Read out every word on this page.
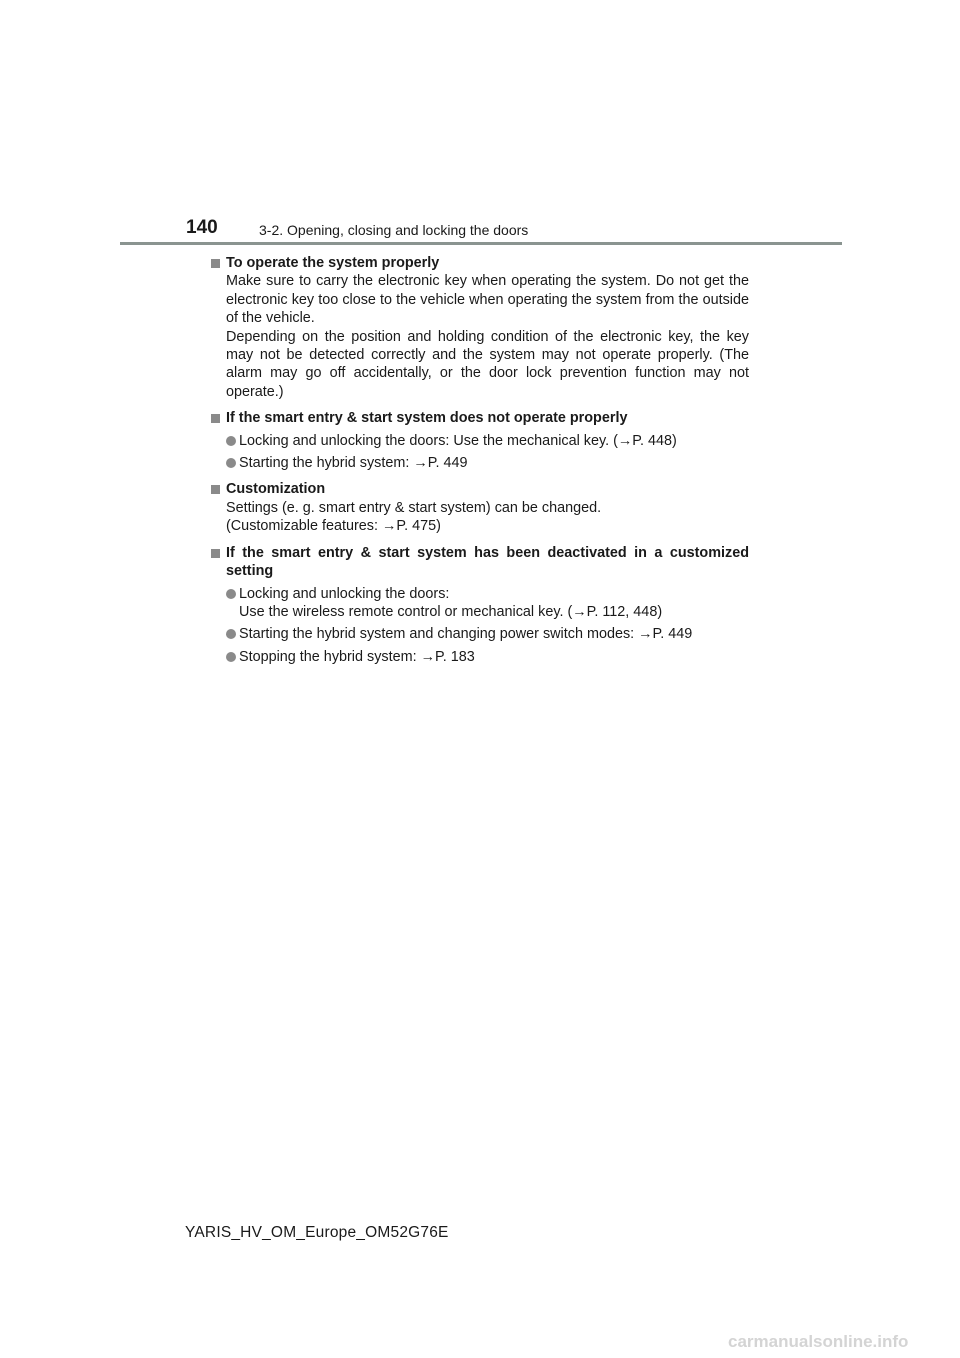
140	3-2. Opening, closing and locking the doors
To operate the system properly
Make sure to carry the electronic key when operating the system. Do not get the electronic key too close to the vehicle when operating the system from the outside of the vehicle.
Depending on the position and holding condition of the electronic key, the key may not be detected correctly and the system may not operate properly. (The alarm may go off accidentally, or the door lock prevention function may not operate.)
If the smart entry & start system does not operate properly
Locking and unlocking the doors: Use the mechanical key. (→P. 448)
Starting the hybrid system: →P. 449
Customization
Settings (e. g. smart entry & start system) can be changed.
(Customizable features: →P. 475)
If the smart entry & start system has been deactivated in a customized setting
Locking and unlocking the doors:
Use the wireless remote control or mechanical key. (→P. 112, 448)
Starting the hybrid system and changing power switch modes: →P. 449
Stopping the hybrid system: →P. 183
YARIS_HV_OM_Europe_OM52G76E
carmanualsonline.info
